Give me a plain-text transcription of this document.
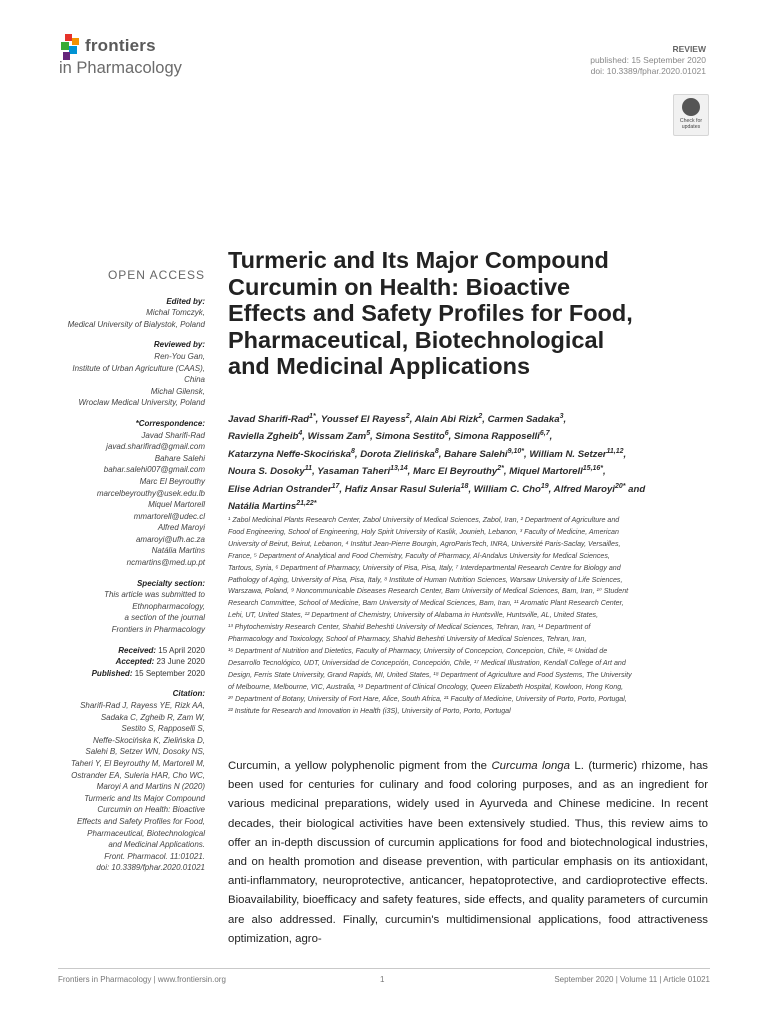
frontiers
in Pharmacology
REVIEW
published: 15 September 2020
doi: 10.3389/fphar.2020.01021
Check for updates
OPEN ACCESS
Edited by:
Michal Tomczyk,
Medical University of Bialystok, Poland
Reviewed by:
Ren-You Gan,
Institute of Urban Agriculture (CAAS),
China
Michal Gilensk,
Wroclaw Medical University, Poland
*Correspondence:
Javad Sharifi-Rad
javad.sharifirad@gmail.com
Bahare Salehi
bahar.salehi007@gmail.com
Marc El Beyrouthy
marcelbeyrouthy@usek.edu.lb
Miquel Martorell
mmartorell@udec.cl
Alfred Maroyi
amaroyi@ufh.ac.za
Natália Martins
ncmartins@med.up.pt
Specialty section:
This article was submitted to
Ethnopharmacology,
a section of the journal
Frontiers in Pharmacology
Received: 15 April 2020
Accepted: 23 June 2020
Published: 15 September 2020
Citation:
Sharifi-Rad J, Rayess YE, Rizk AA,
Sadaka C, Zgheib R, Zam W,
Sestito S, Rapposelli S,
Neffe-Skocińska K, Zielińska D,
Salehi B, Setzer WN, Dosoky NS,
Taheri Y, El Beyrouthy M, Martorell M,
Ostrander EA, Suleria HAR, Cho WC,
Maroyi A and Martins N (2020)
Turmeric and Its Major Compound
Curcumin on Health: Bioactive
Effects and Safety Profiles for Food,
Pharmaceutical, Biotechnological
and Medicinal Applications.
Front. Pharmacol. 11:01021.
doi: 10.3389/fphar.2020.01021
Turmeric and Its Major Compound
Curcumin on Health: Bioactive
Effects and Safety Profiles for Food,
Pharmaceutical, Biotechnological
and Medicinal Applications
Javad Sharifi-Rad$^{1*}$, Youssef El Rayess$^2$, Alain Abi Rizk$^2$, Carmen Sadaka$^3$,
Raviella Zgheib$^4$, Wissam Zam$^5$, Simona Sestito$^6$, Simona Rapposelli$^{6,7}$,
Katarzyna Neffe-Skocińska$^8$, Dorota Zielińska$^8$, Bahare Salehi$^{9,10*}$, William N. Setzer$^{11,12}$,
Noura S. Dosoky$^{11}$, Yasaman Taheri$^{13,14}$, Marc El Beyrouthy$^{2*}$, Miquel Martorell$^{15,16*}$,
Elise Adrian Ostrander$^{17}$, Hafiz Ansar Rasul Suleria$^{18}$, William C. Cho$^{19}$, Alfred Maroyi$^{20*}$ and
Natália Martins$^{21,22*}$
¹ Zabol Medicinal Plants Research Center, Zabol University of Medical Sciences, Zabol, Iran, ² Department of Agriculture and
Food Engineering, School of Engineering, Holy Spirit University of Kaslik, Jounieh, Lebanon, ³ Faculty of Medicine, American
University of Beirut, Beirut, Lebanon, ⁴ Institut Jean-Pierre Bourgin, AgroParisTech, INRA, Université Paris-Saclay, Versailles,
France, ⁵ Department of Analytical and Food Chemistry, Faculty of Pharmacy, Al-Andalus University for Medical Sciences,
Tartous, Syria, ⁶ Department of Pharmacy, University of Pisa, Pisa, Italy, ⁷ Interdepartmental Research Centre for Biology and
Pathology of Aging, University of Pisa, Pisa, Italy, ⁸ Institute of Human Nutrition Sciences, Warsaw University of Life Sciences,
Warszawa, Poland, ⁹ Noncommunicable Diseases Research Center, Bam University of Medical Sciences, Bam, Iran, ¹⁰ Student
Research Committee, School of Medicine, Bam University of Medical Sciences, Bam, Iran, ¹¹ Aromatic Plant Research Center,
Lehi, UT, United States, ¹² Department of Chemistry, University of Alabama in Huntsville, Huntsville, AL, United States,
¹³ Phytochemistry Research Center, Shahid Beheshti University of Medical Sciences, Tehran, Iran, ¹⁴ Department of
Pharmacology and Toxicology, School of Pharmacy, Shahid Beheshti University of Medical Sciences, Tehran, Iran,
¹⁵ Department of Nutrition and Dietetics, Faculty of Pharmacy, University of Concepcion, Concepcion, Chile, ¹⁶ Unidad de
Desarrollo Tecnológico, UDT, Universidad de Concepción, Concepción, Chile, ¹⁷ Medical Illustration, Kendall College of Art and
Design, Ferris State University, Grand Rapids, MI, United States, ¹⁸ Department of Agriculture and Food Systems, The University
of Melbourne, Melbourne, VIC, Australia, ¹⁹ Department of Clinical Oncology, Queen Elizabeth Hospital, Kowloon, Hong Kong,
²⁰ Department of Botany, University of Fort Hare, Alice, South Africa, ²¹ Faculty of Medicine, University of Porto, Porto, Portugal,
²² Institute for Research and Innovation in Health (i3S), University of Porto, Porto, Portugal
Curcumin, a yellow polyphenolic pigment from the Curcuma longa L. (turmeric) rhizome, has been used for centuries for culinary and food coloring purposes, and as an ingredient for various medicinal preparations, widely used in Ayurveda and Chinese medicine. In recent decades, their biological activities have been extensively studied. Thus, this review aims to offer an in-depth discussion of curcumin applications for food and biotechnological industries, and on health promotion and disease prevention, with particular emphasis on its antioxidant, anti-inflammatory, neuroprotective, anticancer, hepatoprotective, and cardioprotective effects. Bioavailability, bioefficacy and safety features, side effects, and quality parameters of curcumin are also addressed. Finally, curcumin's multidimensional applications, food attractiveness optimization, agro-
Frontiers in Pharmacology | www.frontiersin.org	1	September 2020 | Volume 11 | Article 01021
